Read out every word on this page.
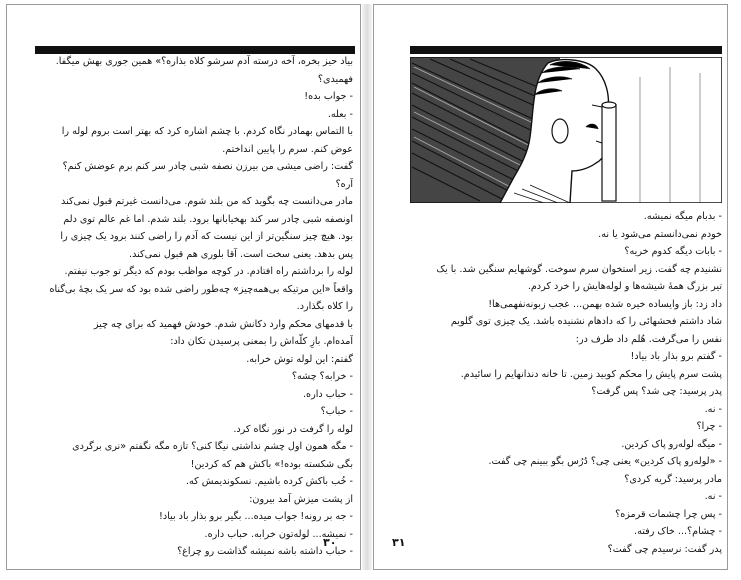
بیاد حیز بخره، آخه درسته آدم سرشو کلاه بذاره؟» همین جوری بهش میگفا.
فهمیدی؟
- جواب بده!
- بعله.
با التماس بهمادر نگاه کردم. با چشم اشاره کرد که بهتر است بروم لوله را
عوض کنم. سرم را پایین انداختم.
گفت: راضی میشی من بیرزن نصفه شبی چادر سر کنم برم عوضش کنم؟
آره؟
مادر می‌دانست چه بگوید که من بلند شوم. می‌دانست غیرتم قبول نمی‌کند
اونصفه شبی چادر سر کند بهخیابانها برود. بلند شدم. اما غم عالم توی دلم
بود. هیچ چیز سنگین‌تر از این نیست که آدم را راضی کنند برود یک چیزی را
پس بدهد. یعنی سخت است. آقا بلوری هم قبول نمی‌کند.
لوله را برداشتم راه افتادم. در کوچه مواظب بودم که دیگر تو جوب نیفتم.
واقعاً «این مرتیکه بی‌همه‌چیز» چه‌طور راضی شده بود که سر یک بچهٔ بی‌گناه
را کلاه بگذارد.
با قدمهای محکم وارد دکانش شدم. خودش فهمید که برای چه چیز
آمده‌ام. بازِ کلّه‌اش را بمعنی پرسیدن تکان داد:
گفتم: این لوله توش خرابه.
- خرابه؟ چشه؟
- حباب داره.
- حباب؟
لوله را گرفت در نور نگاه کرد.
- مگه همون اول چشم نداشتی نیگا کنی؟ تازه مگه نگفتم «نری برگردی
بگی شکسته بوده!» باکش هم که کردین!
- خُب باکش کرده باشیم. نسکوندیمش که.
از پشت میزش آمد بیرون:
- جه بر رونه! جواب میده... بگیر برو بذار باد بیاد!
- نمیشه... لوله‌تون خرابه. حباب داره.
- حباب داشته باشه نمیشه گذاشت رو چراغ؟
۳۰
- بدبام میگه نمیشه.
خودم نمی‌دانستم می‌شود یا نه.
- بابات دیگه کدوم خریه؟
نشنیدم چه گفت. زیر استخوان سرم سوخت. گوشهایم سنگین شد. با یک
تیر بزرگ همهٔ شیشه‌ها و لوله‌هایش را خرد کردم.
داد زد: باز وایساده خیره شده بهمن... عجب زبونه‌نفهمی‌ها!
شاد داشتم فحشهائی را که دادهام نشنیده باشد. یک چیزی توی گلویم
نفس را می‌گرفت. هُلم داد طرف در:
- گفتم برو بذار باد بیاد!
پشت سرم پایش را محکم کوبید زمین. تا خانه دندانهایم را سائیدم.
پدر پرسید: چی شد؟ پس گرفت؟
- نه.
- چرا؟
- میگه لوله‌رو پاک کردین.
- «لوله‌رو پاک کردین» یعنی چی؟ دُرُس بگو ببینم چی گفت.
مادر پرسید: گریه کردی؟
- نه.
- پس چرا چشمات قرمزه؟
- چشام؟... خاک رفته.
پدر گفت: نرسیدم چی گفت؟
۳۱
